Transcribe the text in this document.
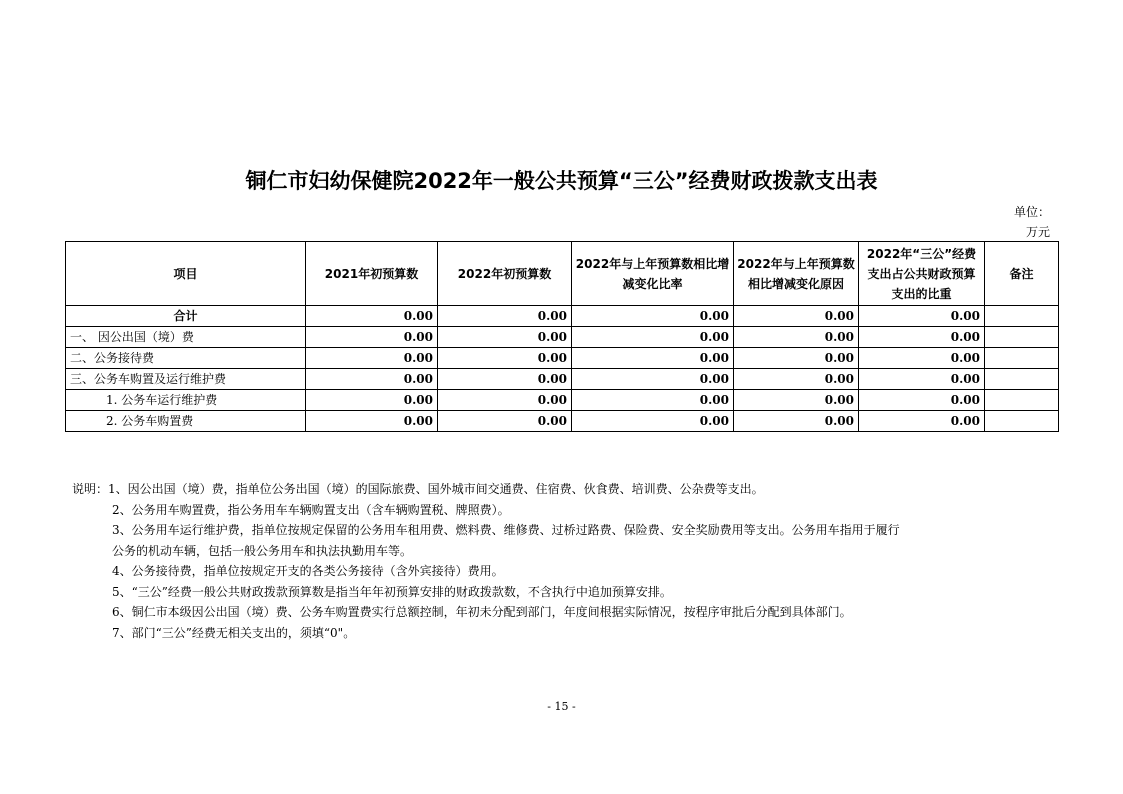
铜仁市妇幼保健院2022年一般公共预算“三公”经费财政拨款支出表
单位：
万元
项目	2021年初预算数	2022年初预算数	2022年与上年预算数相比增减变化比率	2022年与上年预算数相比增减变化原因	2022年“三公”经费支出占公共财政预算支出的比重	备注
合计	0.00	0.00	0.00	0.00	0.00	
一、 因公出国（境）费	0.00	0.00	0.00	0.00	0.00	
二、公务接待费	0.00	0.00	0.00	0.00	0.00	
三、公务车购置及运行维护费	0.00	0.00	0.00	0.00	0.00	
1. 公务车运行维护费	0.00	0.00	0.00	0.00	0.00	
2. 公务车购置费	0.00	0.00	0.00	0.00	0.00	
说明：1、因公出国（境）费，指单位公务出国（境）的国际旅费、国外城市间交通费、住宿费、伙食费、培训费、公杂费等支出。
2、公务用车购置费，指公务用车车辆购置支出（含车辆购置税、牌照费）。
3、公务用车运行维护费，指单位按规定保留的公务用车租用费、燃料费、维修费、过桥过路费、保险费、安全奖励费用等支出。公务用车指用于履行
公务的机动车辆，包括一般公务用车和执法执勤用车等。
4、公务接待费，指单位按规定开支的各类公务接待（含外宾接待）费用。
5、“三公”经费一般公共财政拨款预算数是指当年年初预算安排的财政拨款数，不含执行中追加预算安排。
6、铜仁市本级因公出国（境）费、公务车购置费实行总额控制，年初未分配到部门，年度间根据实际情况，按程序审批后分配到具体部门。
7、部门“三公”经费无相关支出的，须填“0"。
- 15 -
